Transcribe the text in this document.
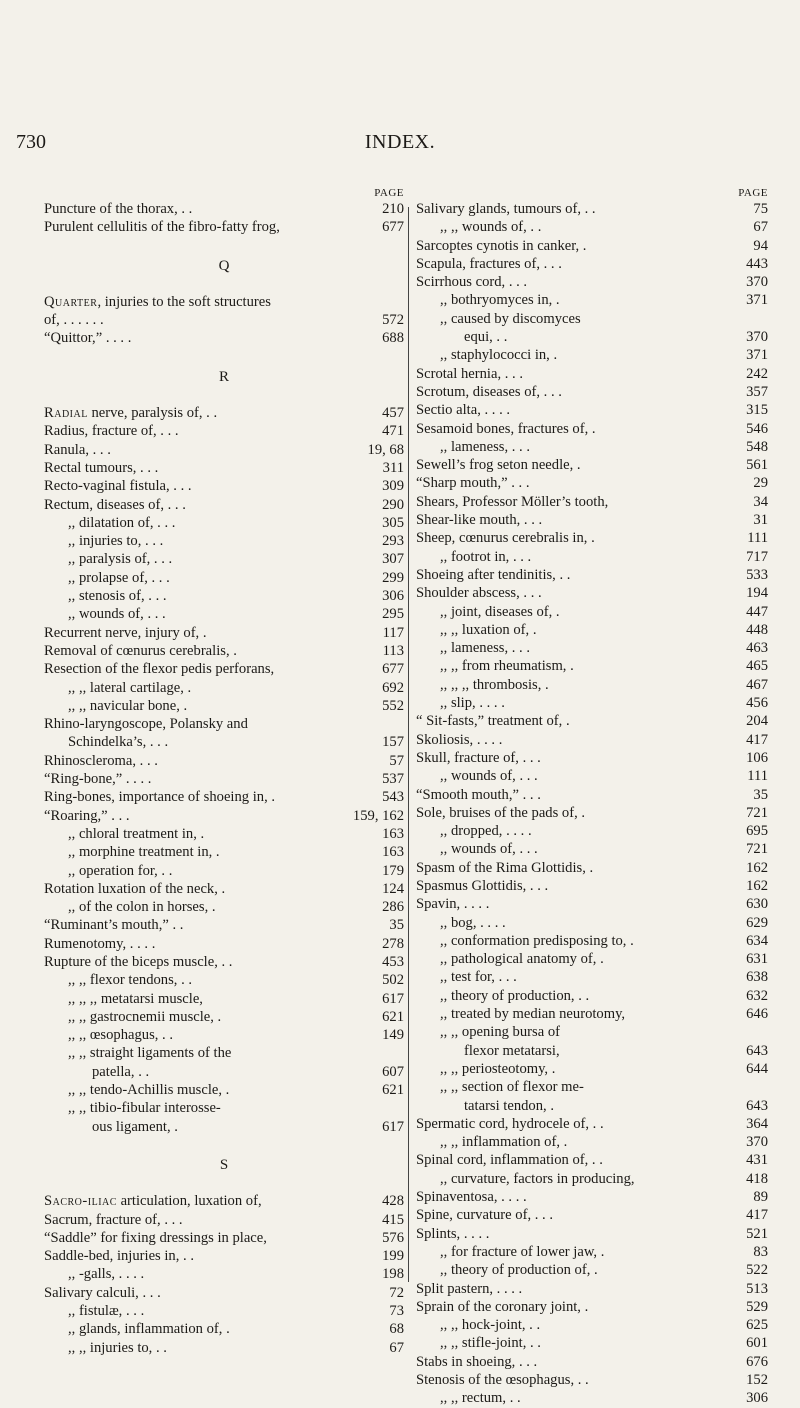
730	INDEX.
PAGE
Puncture of the thorax, . .	210
Purulent cellulitis of the fibro-fatty frog,	677
Q
Quarter, injuries to the soft structures
of, . . . . . .	572
“Quittor,” . . . .	688
R
Radial nerve, paralysis of, . .	457
Radius, fracture of, . . .	471
Ranula, . . .	19, 68
Rectal tumours, . . .	311
Recto-vaginal fistula, . . .	309
Rectum, diseases of, . . .	290
,, dilatation of, . . .	305
,, injuries to, . . .	293
,, paralysis of, . . .	307
,, prolapse of, . . .	299
,, stenosis of, . . .	306
,, wounds of, . . .	295
Recurrent nerve, injury of, .	117
Removal of cœnurus cerebralis, .	113
Resection of the flexor pedis perforans,	677
,, ,, lateral cartilage, .	692
,, ,, navicular bone, .	552
Rhino-laryngoscope, Polansky and
Schindelka’s, . . .	157
Rhinoscleroma, . . .	57
“Ring-bone,” . . . .	537
Ring-bones, importance of shoeing in, .	543
“Roaring,” . . .	159, 162
,, chloral treatment in, .	163
,, morphine treatment in, .	163
,, operation for, . .	179
Rotation luxation of the neck, .	124
,, of the colon in horses, .	286
“Ruminant’s mouth,” . .	35
Rumenotomy, . . . .	278
Rupture of the biceps muscle, . .	453
,, ,, flexor tendons, . .	502
,, ,, ,, metatarsi muscle,	617
,, ,, gastrocnemii muscle, .	621
,, ,, œsophagus, . .	149
,, ,, straight ligaments of the
patella, . .	607
,, ,, tendo-Achillis muscle, .	621
,, ,, tibio-fibular interosse-
ous ligament, .	617
S
Sacro-iliac articulation, luxation of,	428
Sacrum, fracture of, . . .	415
“Saddle” for fixing dressings in place,	576
Saddle-bed, injuries in, . .	199
,, -galls, . . . .	198
Salivary calculi, . . .	72
,, fistulæ, . . .	73
,, glands, inflammation of, .	68
,, ,, injuries to, . .	67
PAGE
Salivary glands, tumours of, . .	75
,, ,, wounds of, . .	67
Sarcoptes cynotis in canker, .	94
Scapula, fractures of, . . .	443
Scirrhous cord, . . .	370
,, bothryomyces in, .	371
,, caused by discomyces
equi, . .	370
,, staphylococci in, .	371
Scrotal hernia, . . .	242
Scrotum, diseases of, . . .	357
Sectio alta, . . . .	315
Sesamoid bones, fractures of, .	546
,, lameness, . . .	548
Sewell’s frog seton needle, .	561
“Sharp mouth,” . . .	29
Shears, Professor Möller’s tooth,	34
Shear-like mouth, . . .	31
Sheep, cœnurus cerebralis in, .	111
,, footrot in, . . .	717
Shoeing after tendinitis, . .	533
Shoulder abscess, . . .	194
,, joint, diseases of, .	447
,, ,, luxation of, .	448
,, lameness, . . .	463
,, ,, from rheumatism, .	465
,, ,, ,, thrombosis, .	467
,, slip, . . . .	456
“ Sit-fasts,” treatment of, .	204
Skoliosis, . . . .	417
Skull, fracture of, . . .	106
,, wounds of, . . .	111
“Smooth mouth,” . . .	35
Sole, bruises of the pads of, .	721
,, dropped, . . . .	695
,, wounds of, . . .	721
Spasm of the Rima Glottidis, .	162
Spasmus Glottidis, . . .	162
Spavin, . . . .	630
,, bog, . . . .	629
,, conformation predisposing to, .	634
,, pathological anatomy of, .	631
,, test for, . . .	638
,, theory of production, . .	632
,, treated by median neurotomy,	646
,, ,, opening bursa of
flexor metatarsi,	643
,, ,, periosteotomy, .	644
,, ,, section of flexor me-
tatarsi tendon, .	643
Spermatic cord, hydrocele of, . .	364
,, ,, inflammation of, .	370
Spinal cord, inflammation of, . .	431
,, curvature, factors in producing,	418
Spinaventosa, . . . .	89
Spine, curvature of, . . .	417
Splints, . . . .	521
,, for fracture of lower jaw, .	83
,, theory of production of, .	522
Split pastern, . . . .	513
Sprain of the coronary joint, .	529
,, ,, hock-joint, . .	625
,, ,, stifle-joint, . .	601
Stabs in shoeing, . . .	676
Stenosis of the œsophagus, . .	152
,, ,, rectum, . .	306
